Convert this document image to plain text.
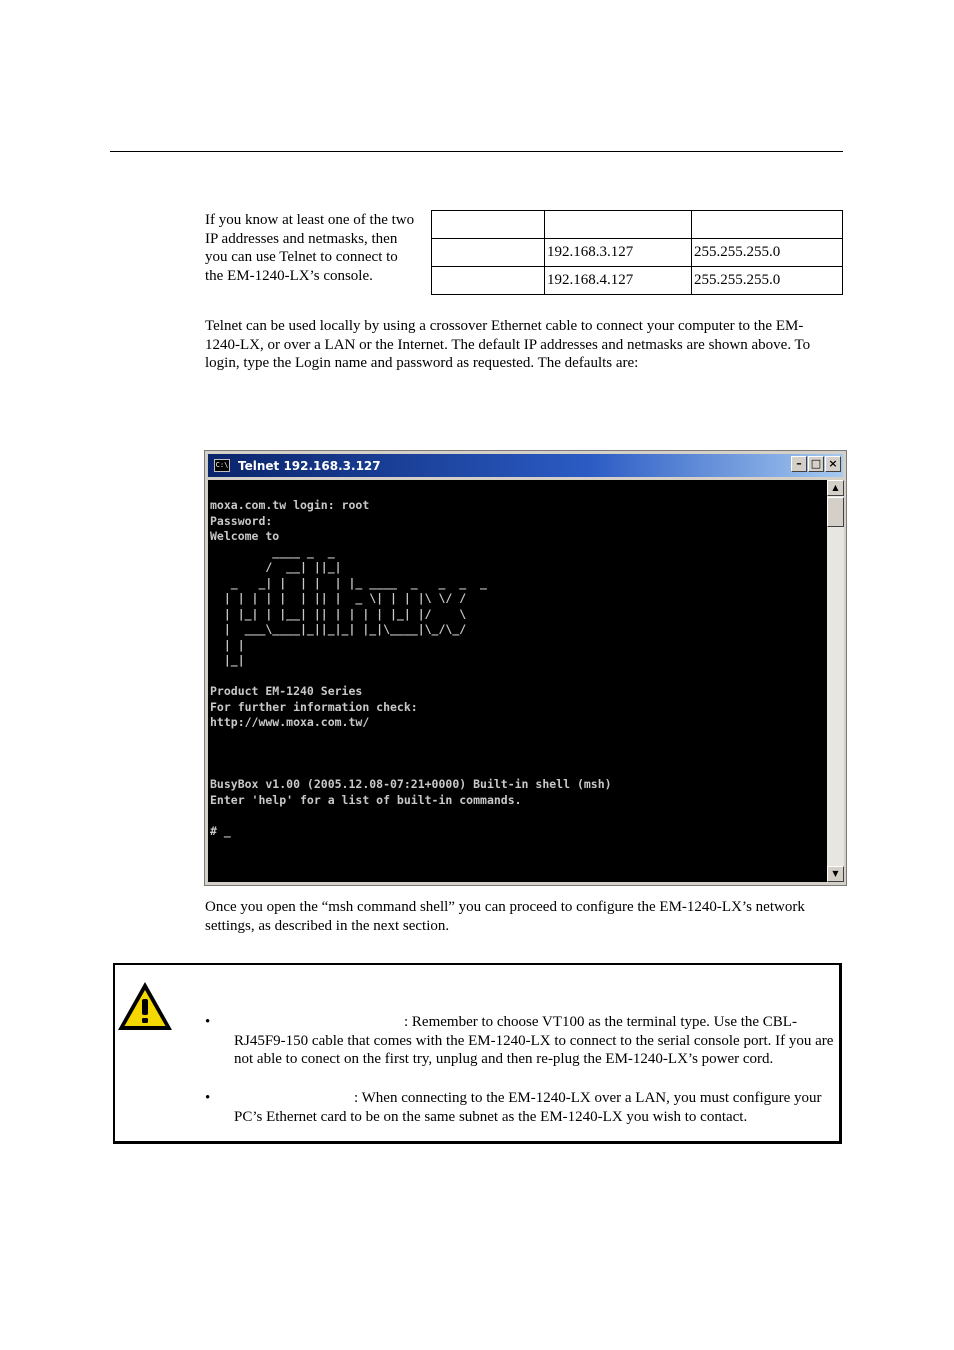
If you know at least one of the two IP addresses and netmasks, then you can use Telnet to connect to the EM-1240-LX’s console.

	192.168.3.127	255.255.255.0
	192.168.4.127	255.255.255.0
Telnet can be used locally by using a crossover Ethernet cable to connect your computer to the EM-1240-LX, or over a LAN or the Internet. The default IP addresses and netmasks are shown above. To login, type the Login name and password as requested. The defaults are:
C:\ Telnet 192.168.3.127	– □ ×
moxa.com.tw login: root
Password:
Welcome to
____ _  _
/  __| ||_|
_   _| |  | |  | |_ ____  _   _  _  _
| | | | |  | || |  _ \| | | |\ \/ /
| |_| | |__| || | | | | |_| |/    \
|  ___\____|_||_|_| |_|\____|\_/\_/
| |
|_|

Product EM-1240 Series
For further information check:
http://www.moxa.com.tw/

BusyBox v1.00 (2005.12.08-07:21+0000) Built-in shell (msh)
Enter 'help' for a list of built-in commands.

# _
▲
▼
Once you open the “msh command shell” you can proceed to configure the EM-1240-LX’s network settings, as described in the next section.
•	: Remember to choose VT100 as the terminal type. Use the CBL-RJ45F9-150 cable that comes with the EM-1240-LX to connect to the serial console port. If you are not able to conect on the first try, unplug and then re-plug the EM-1240-LX’s power cord.
•	: When connecting to the EM-1240-LX over a LAN, you must configure your PC’s Ethernet card to be on the same subnet as the EM-1240-LX you wish to contact.
